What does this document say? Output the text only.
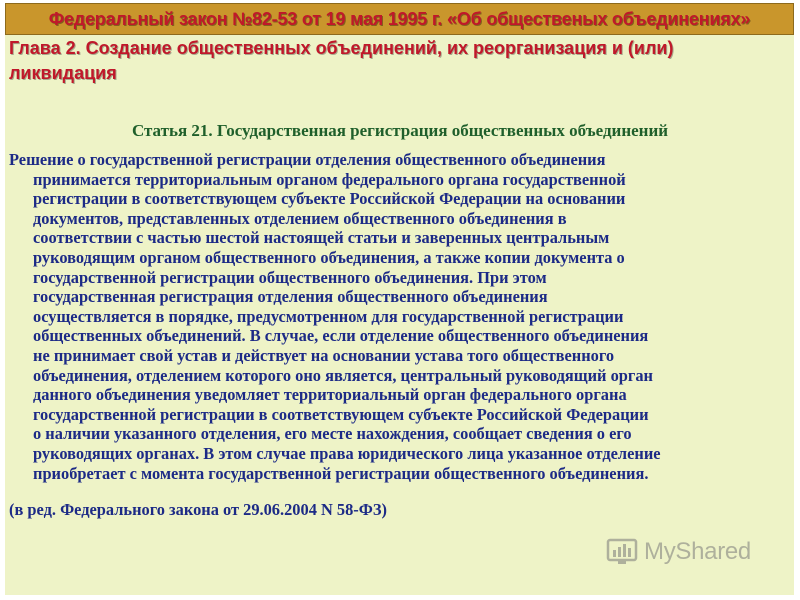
Федеральный закон №82-53 от 19 мая 1995 г. «Об общественых объединениях»
Глава 2. Создание общественных объединений, их реорганизация и (или)
ликвидация
Статья 21. Государственная регистрация общественных объединений
Решение о государственной регистрации отделения общественного объединения
принимается территориальным органом федерального органа государственной
регистрации в соответствующем субъекте Российской Федерации на основании
документов, представленных отделением общественного объединения в
соответствии с частью шестой настоящей статьи и заверенных центральным
руководящим органом общественного объединения, а также копии документа о
государственной регистрации общественного объединения. При этом
государственная регистрация отделения общественного объединения
осуществляется в порядке, предусмотренном для государственной регистрации
общественных объединений. В случае, если отделение общественного объединения
не принимает свой устав и действует на основании устава того общественного
объединения, отделением которого оно является, центральный руководящий орган
данного объединения уведомляет территориальный орган федерального органа
государственной регистрации в соответствующем субъекте Российской Федерации
о наличии указанного отделения, его месте нахождения, сообщает сведения о его
руководящих органах. В этом случае права юридического лица указанное отделение
приобретает с момента государственной регистрации общественного объединения.
(в ред. Федерального закона от 29.06.2004 N 58-ФЗ)
MyShared
